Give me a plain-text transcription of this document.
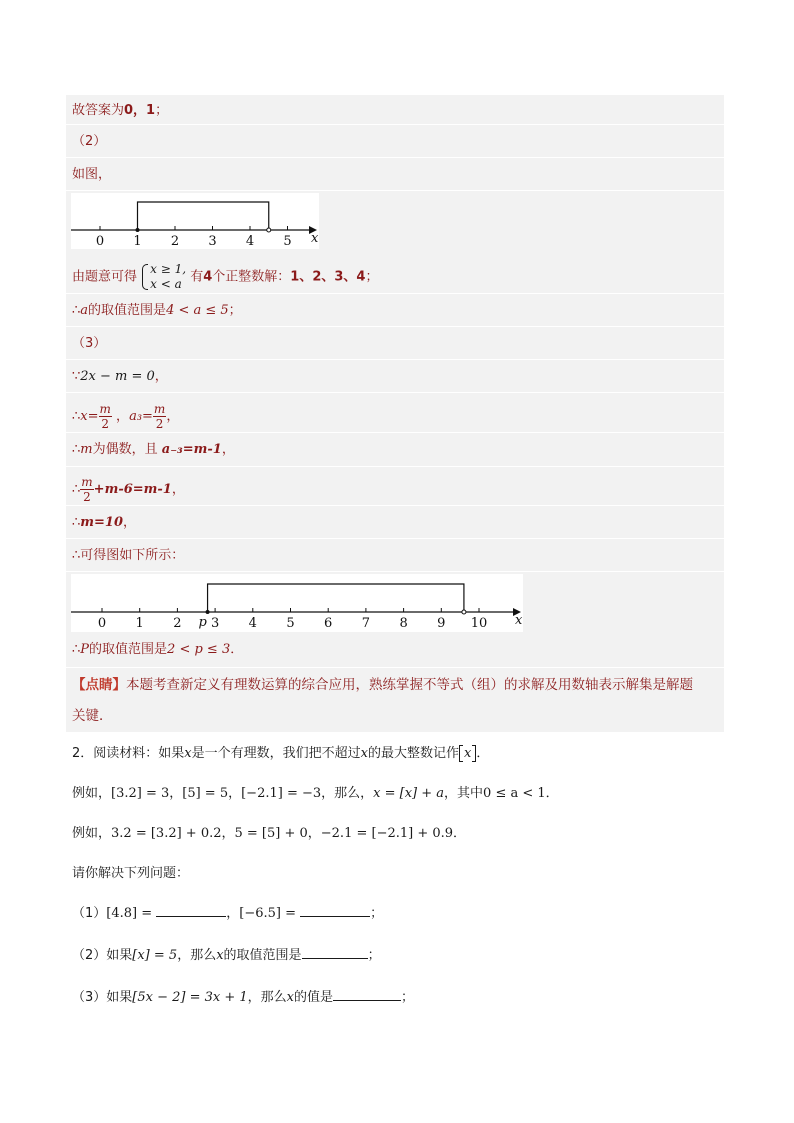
故答案为0，1；
（2）
如图，
0 1 2 3 4 5 x
由题意可得
x ≥ 1,
x < a 有4个正整数解：1、2、3、4；
∴a的取值范围是4 < a ≤ 5；
（3）
∵2x − m = 0，
∴x= $\frac{m}{2}$ ，$a_3= \frac{m}{2}$ ，
∴m为偶数，且 a₋₃=m-1，
∴ $\frac{m}{2} +m-6=m-1$，
∴m=10，
∴可得图如下所示：
0 1 2 3 4 5 6 7 8 9 10 x
p
∴P的取值范围是2 < p ≤ 3．
【点睛】本题考查新定义有理数运算的综合应用，熟练掌握不等式（组）的求解及用数轴表示解集是解题
关键．
2．阅读材料：如果x是一个有理数，我们把不超过x的最大整数记作 x ．
例如，[3.2] = 3，[5] = 5，[−2.1] = −3，那么，x = [x] + a，其中0 ≤ a < 1．
例如，3.2 = [3.2] + 0.2，5 = [5] + 0，−2.1 = [−2.1] + 0.9．
请你解决下列问题：
（1）[4.8] =	，[−6.5] =	；
（2）如果[x] = 5，那么x的取值范围是	；
（3）如果[5x − 2] = 3x + 1，那么x的值是	；
